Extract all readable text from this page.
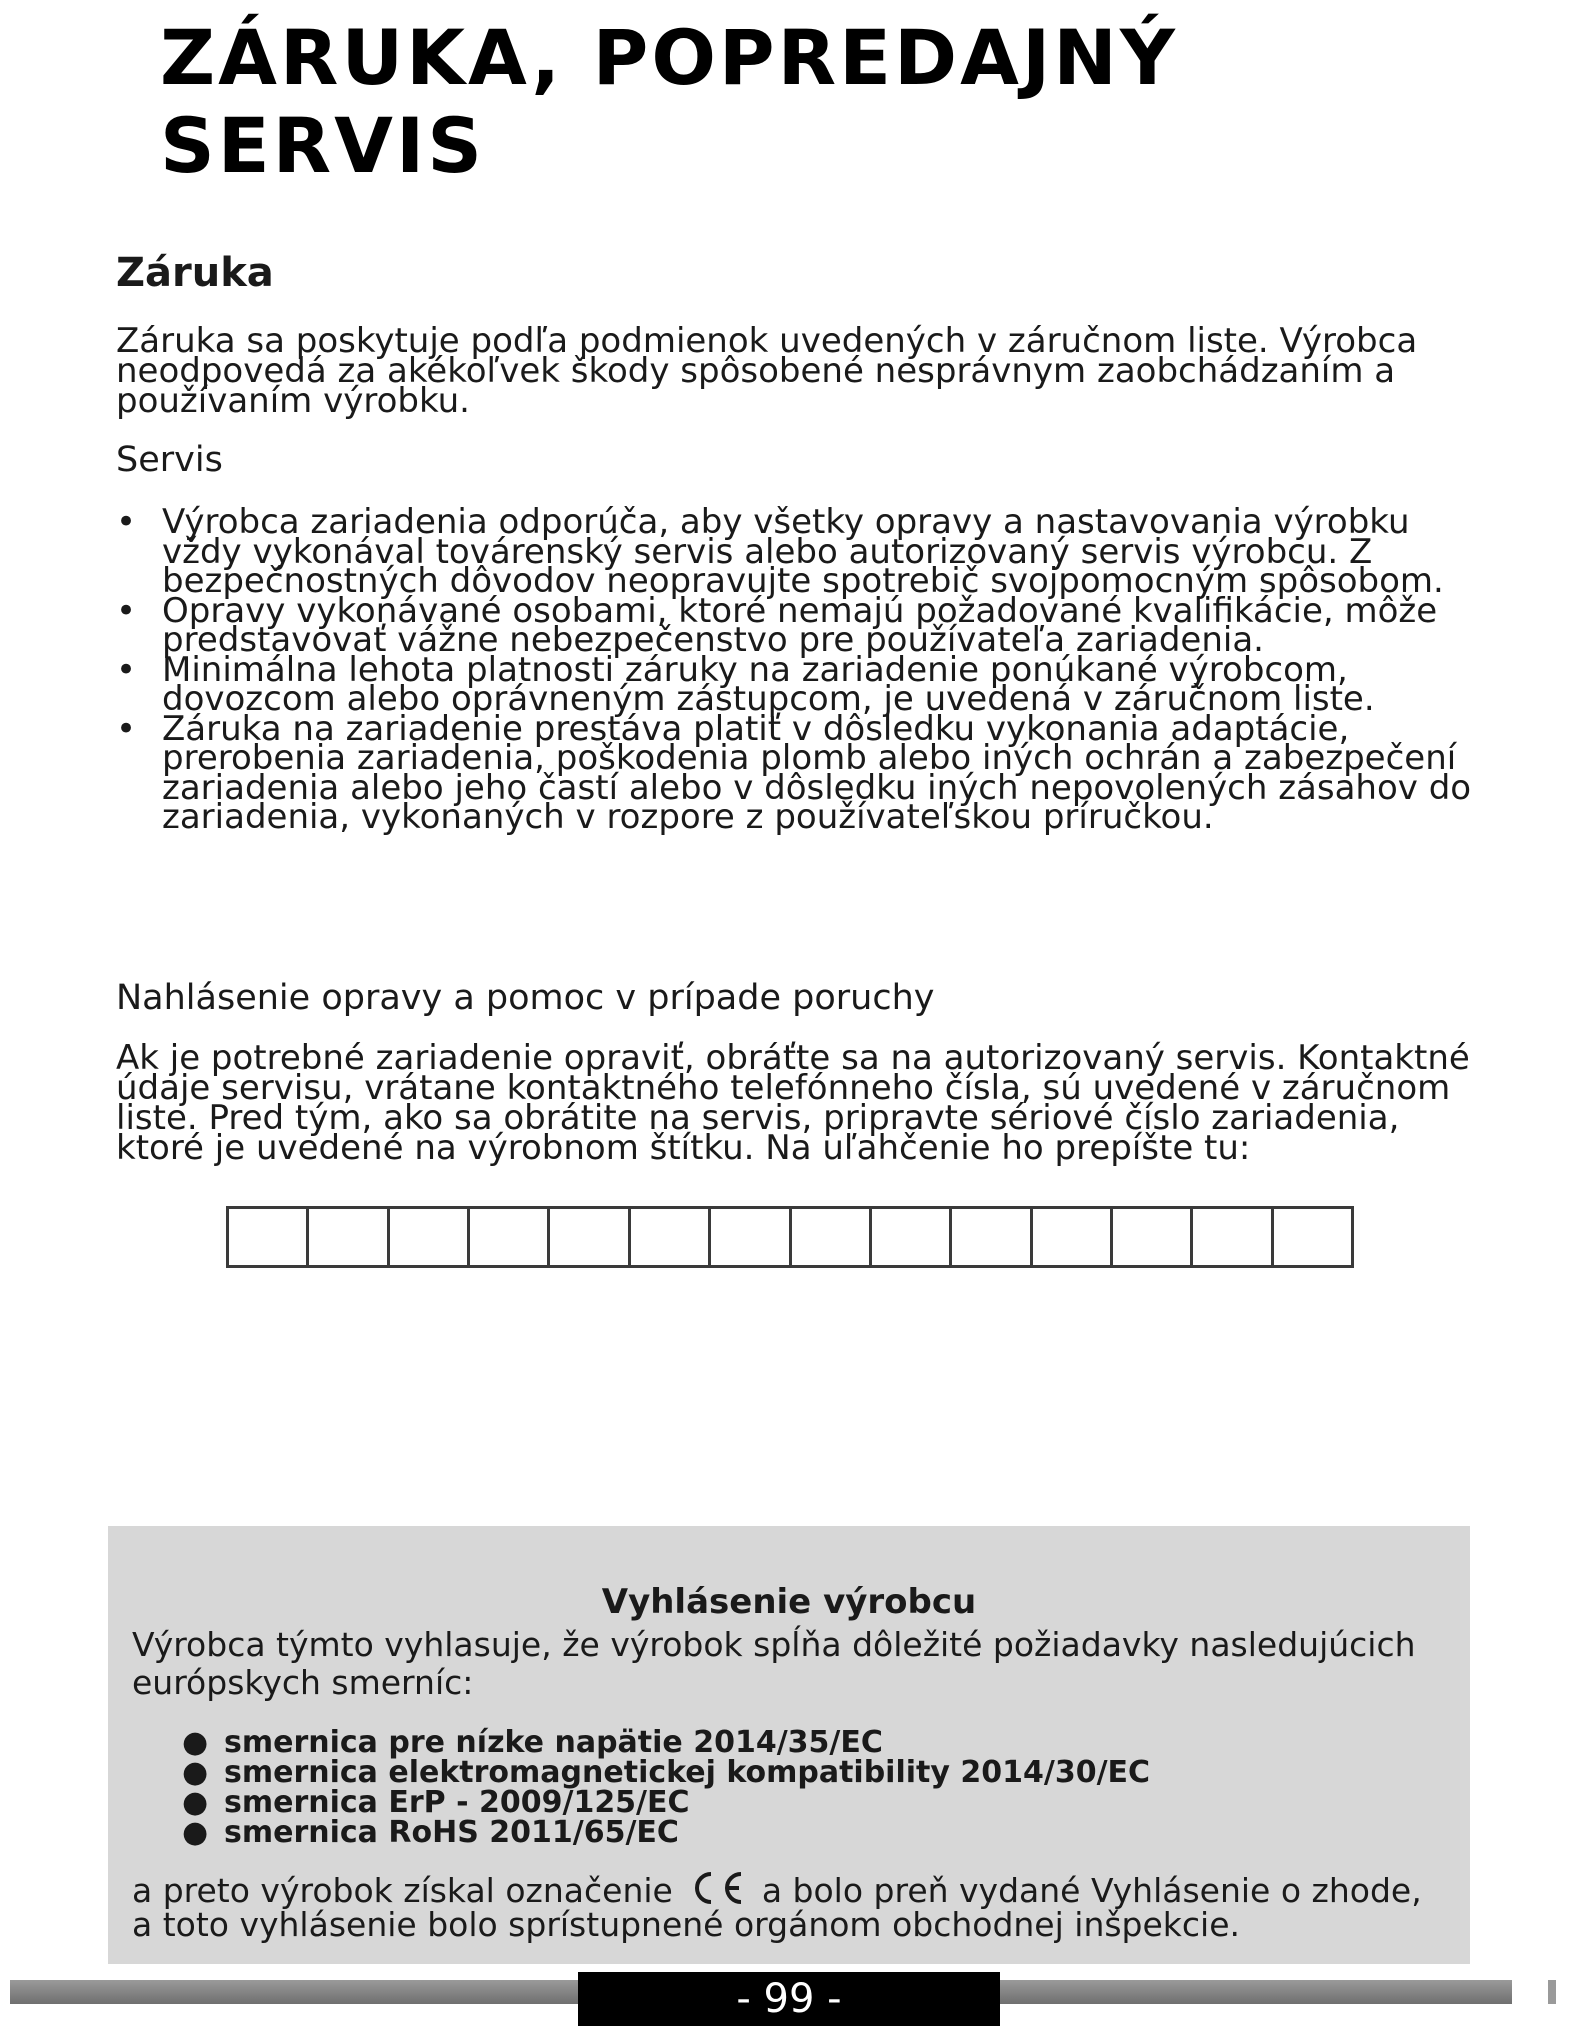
ZÁRUKA, POPREDAJNÝ
SERVIS
Záruka

Záruka sa poskytuje podľa podmienok uvedených v záručnom liste. Výrobca neodpovedá za akékoľvek škody spôsobené nesprávnym zaobchádzaním a používaním výrobku.

Servis

• Výrobca zariadenia odporúča, aby všetky opravy a nastavovania výrobku vždy vykonával továrenský servis alebo autorizovaný servis výrobcu. Z bezpečnostných dôvodov neopravujte spotrebič svojpomocným spôsobom.
• Opravy vykonávané osobami, ktoré nemajú požadované kvalifikácie, môže predstavovať vážne nebezpečenstvo pre používateľa zariadenia.
• Minimálna lehota platnosti záruky na zariadenie ponúkané výrobcom, dovozcom alebo oprávneným zástupcom, je uvedená v záručnom liste.
• Záruka na zariadenie prestáva platiť v dôsledku vykonania adaptácie, prerobenia zariadenia, poškodenia plomb alebo iných ochrán a zabezpečení zariadenia alebo jeho častí alebo v dôsledku iných nepovolených zásahov do zariadenia, vykonaných v rozpore z používateľskou príručkou.

Nahlásenie opravy a pomoc v prípade poruchy

Ak je potrebné zariadenie opraviť, obráťte sa na autorizovaný servis. Kontaktné údaje servisu, vrátane kontaktného telefónneho čísla, sú uvedené v záručnom liste. Pred tým, ako sa obrátite na servis, pripravte sériové číslo zariadenia, ktoré je uvedené na výrobnom štítku. Na uľahčenie ho prepíšte tu:

Vyhlásenie výrobcu

Výrobca týmto vyhlasuje, že výrobok spĺňa dôležité požiadavky nasledujúcich európskych smerníc:

● smernica pre nízke napätie 2014/35/EC
● smernica elektromagnetickej kompatibility 2014/30/EC
● smernica ErP - 2009/125/EC
● smernica RoHS 2011/65/EC

a preto výrobok získal označenie	a bolo preň vydané Vyhlásenie o zhode, a toto vyhlásenie bolo sprístupnené orgánom obchodnej inšpekcie.

- 99 -
